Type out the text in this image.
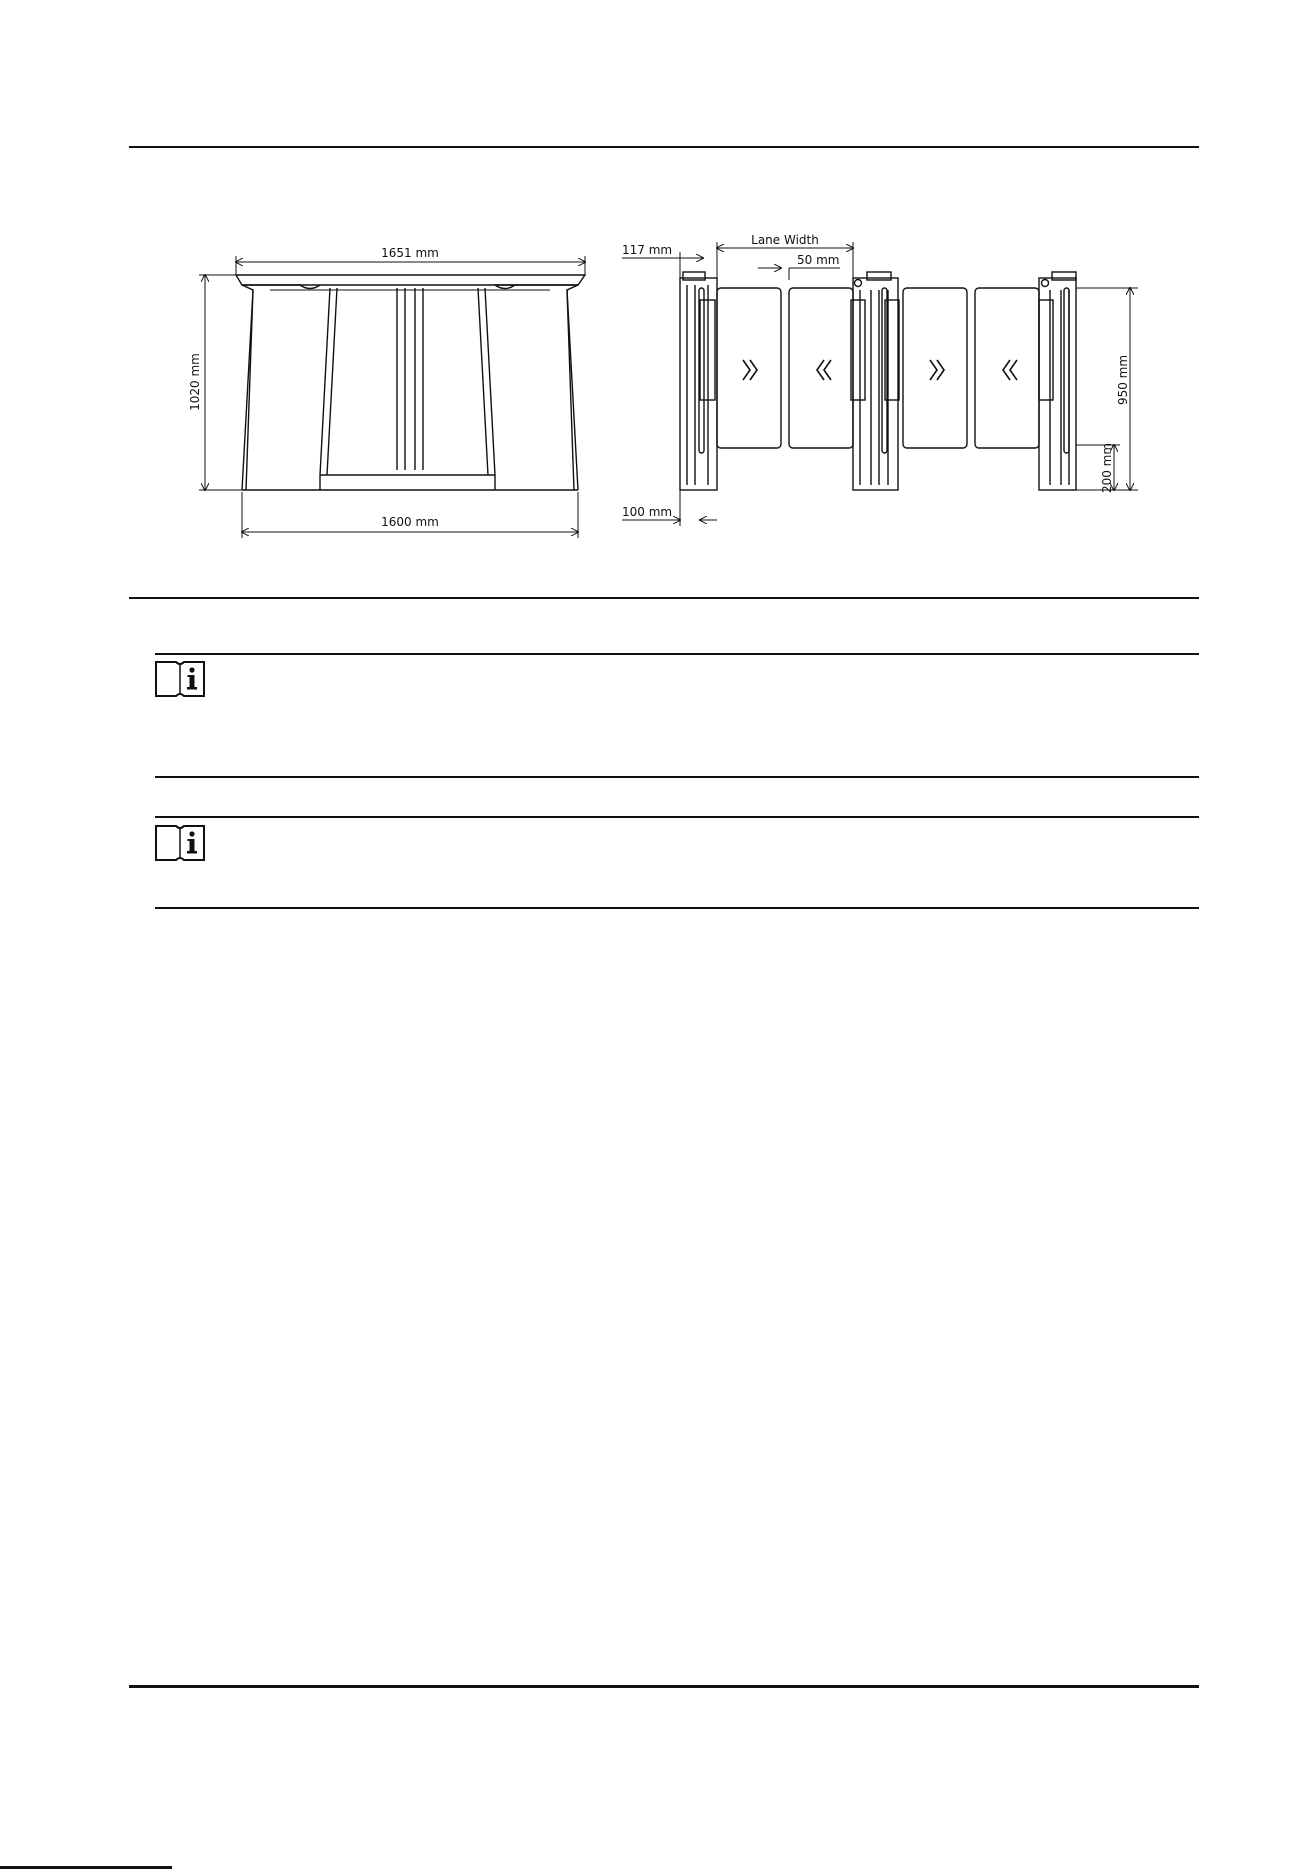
1651 mm
1600 mm
1020 mm
Lane Width
117 mm
50 mm
100 mm
950 mm
200 mm
